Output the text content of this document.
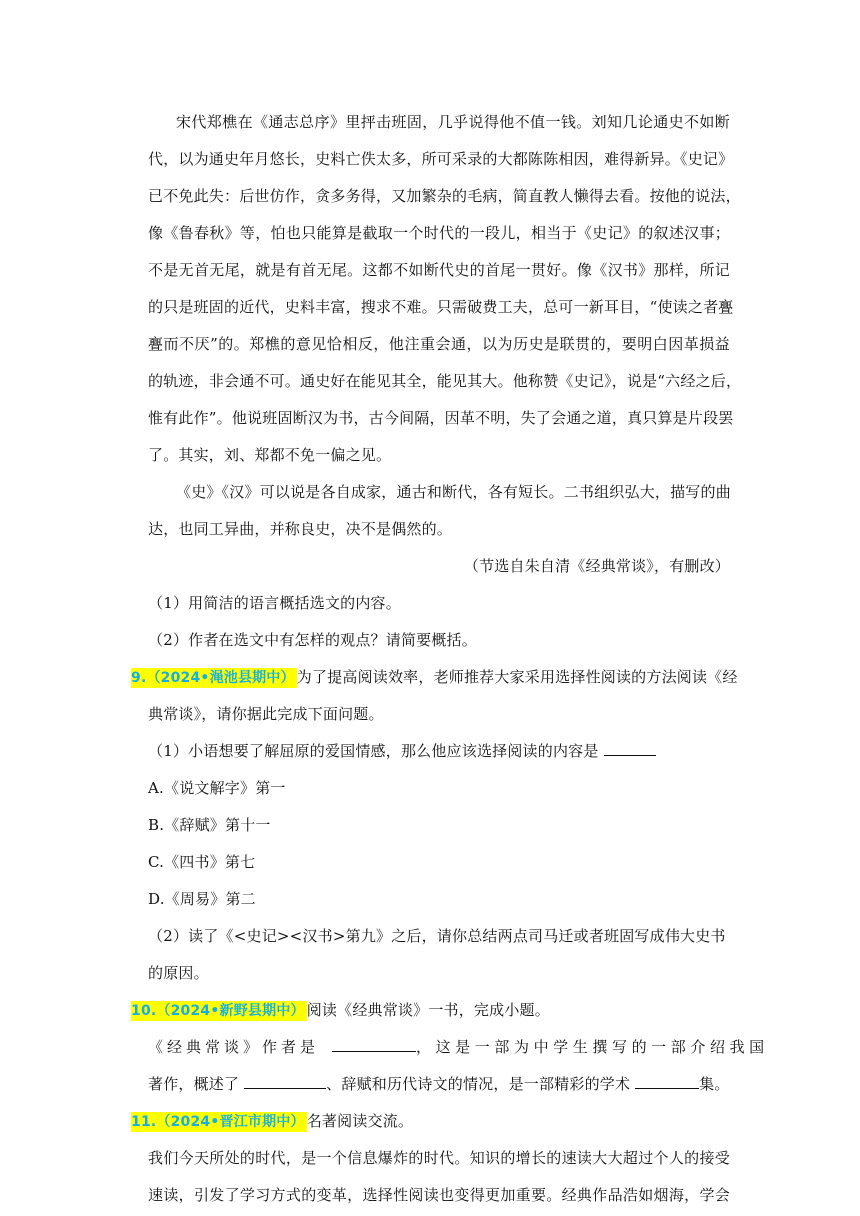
宋代郑樵在《通志总序》里抨击班固，几乎说得他不值一钱。刘知几论通史不如断
代，以为通史年月悠长，史料亡佚太多，所可采录的大都陈陈相因，难得新异。《史记》
已不免此失：后世仿作，贪多务得，又加繁杂的毛病，简直教人懒得去看。按他的说法，
像《鲁春秋》等，怕也只能算是截取一个时代的一段儿，相当于《史记》的叙述汉事；
不是无首无尾，就是有首无尾。这都不如断代史的首尾一贯好。像《汉书》那样，所记
的只是班固的近代，史料丰富，搜求不难。只需破费工夫，总可一新耳目，“使读之者亹
亹而不厌”的。郑樵的意见恰相反，他注重会通，以为历史是联贯的，要明白因革损益
的轨迹，非会通不可。通史好在能见其全，能见其大。他称赞《史记》，说是“六经之后，
惟有此作”。他说班固断汉为书，古今间隔，因革不明，失了会通之道，真只算是片段罢
了。其实，刘、郑都不免一偏之见。
《史》《汉》可以说是各自成家，通古和断代，各有短长。二书组织弘大，描写的曲
达，也同工异曲，并称良史，决不是偶然的。
（节选自朱自清《经典常谈》，有删改）
（1）用简洁的语言概括选文的内容。
（2）作者在选文中有怎样的观点？请简要概括。
9.（2024•渑池县期中） 为了提高阅读效率，老师推荐大家采用选择性阅读的方法阅读《经
典常谈》，请你据此完成下面问题。
（1）小语想要了解屈原的爱国情感，那么他应该选择阅读的内容是
A.《说文解字》第一
B.《辞赋》第十一
C.《四书》第七
D.《周易》第二
（2）读了《<史记><汉书>第九》之后，请你总结两点司马迁或者班固写成伟大史书
的原因。
10.（2024•新野县期中） 阅读《经典常谈》一书，完成小题。
《经典常谈》作者是	，这是一部为中学生撰写的一部介绍我国
著作，概述了	、辞赋和历代诗文的情况，是一部精彩的学术	集。
11.（2024•晋江市期中） 名著阅读交流。
我们今天所处的时代，是一个信息爆炸的时代。知识的增长的速读大大超过个人的接受
速读，引发了学习方式的变革，选择性阅读也变得更加重要。经典作品浩如烟海，学会
